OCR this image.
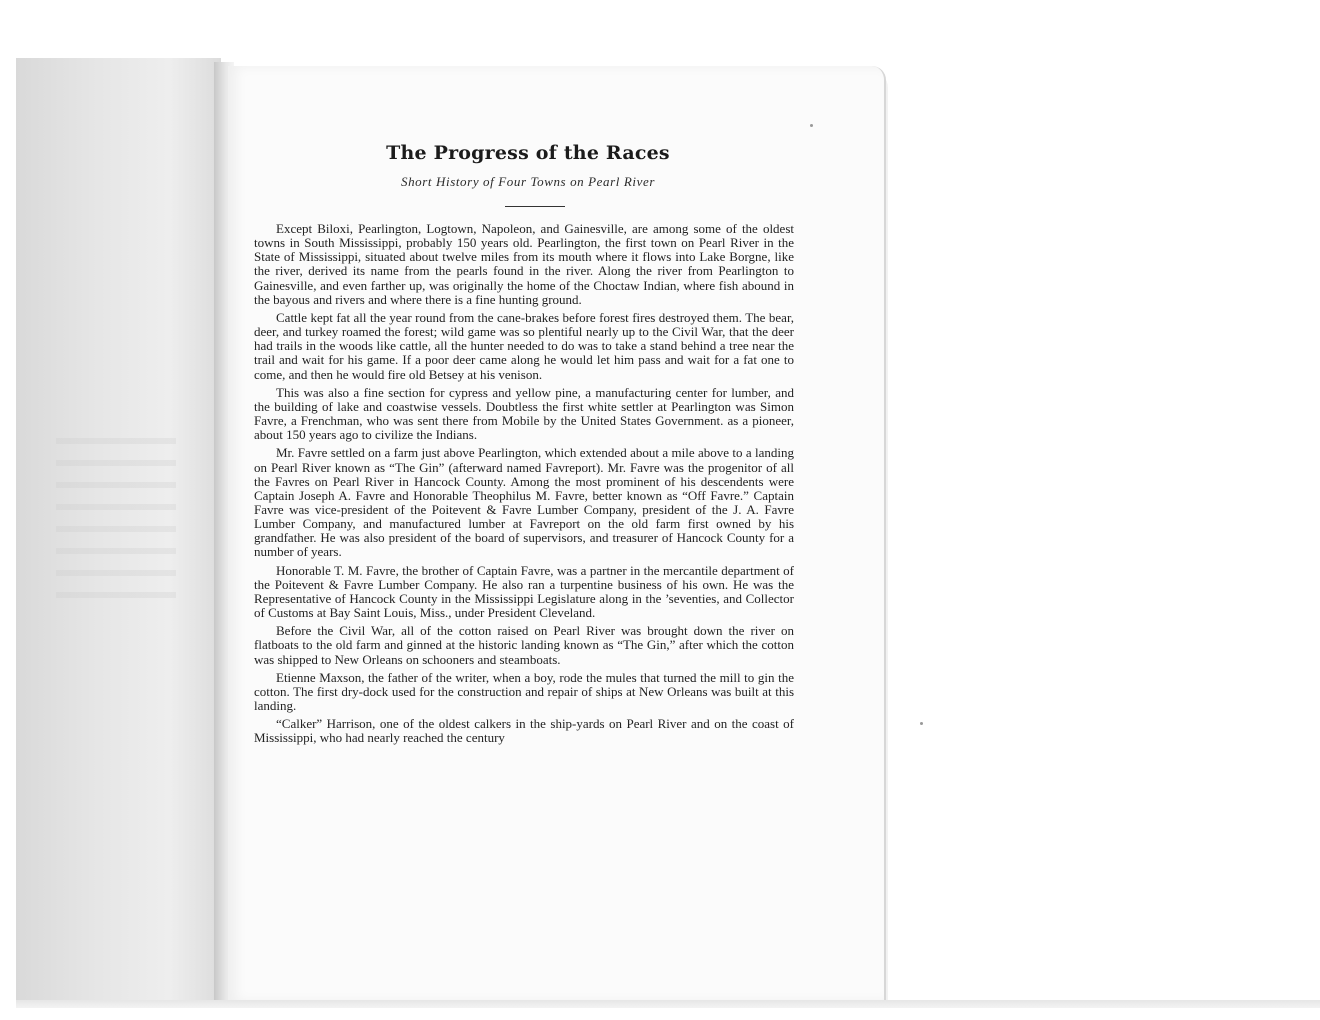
The Progress of the Races

Short History of Four Towns on Pearl River

Except Biloxi, Pearlington, Logtown, Napoleon, and Gainesville, are among some of the oldest towns in South Mississippi, probably 150 years old. Pearlington, the first town on Pearl River in the State of Mississippi, situated about twelve miles from its mouth where it flows into Lake Borgne, like the river, derived its name from the pearls found in the river. Along the river from Pearlington to Gainesville, and even farther up, was originally the home of the Choctaw Indian, where fish abound in the bayous and rivers and where there is a fine hunting ground.

Cattle kept fat all the year round from the cane-brakes before forest fires destroyed them. The bear, deer, and turkey roamed the forest; wild game was so plentiful nearly up to the Civil War, that the deer had trails in the woods like cattle, all the hunter needed to do was to take a stand behind a tree near the trail and wait for his game. If a poor deer came along he would let him pass and wait for a fat one to come, and then he would fire old Betsey at his venison.

This was also a fine section for cypress and yellow pine, a manufacturing center for lumber, and the building of lake and coastwise vessels. Doubtless the first white settler at Pearlington was Simon Favre, a Frenchman, who was sent there from Mobile by the United States Government. as a pioneer, about 150 years ago to civilize the Indians.

Mr. Favre settled on a farm just above Pearlington, which extended about a mile above to a landing on Pearl River known as “The Gin” (afterward named Favreport). Mr. Favre was the progenitor of all the Favres on Pearl River in Hancock County. Among the most prominent of his descendents were Captain Joseph A. Favre and Honorable Theophilus M. Favre, better known as “Off Favre.” Captain Favre was vice-president of the Poitevent & Favre Lumber Company, president of the J. A. Favre Lumber Company, and manufactured lumber at Favreport on the old farm first owned by his grandfather. He was also president of the board of supervisors, and treasurer of Hancock County for a number of years.

Honorable T. M. Favre, the brother of Captain Favre, was a partner in the mercantile department of the Poitevent & Favre Lumber Company. He also ran a turpentine business of his own. He was the Representative of Hancock County in the Mississippi Legislature along in the ’seventies, and Collector of Customs at Bay Saint Louis, Miss., under President Cleveland.

Before the Civil War, all of the cotton raised on Pearl River was brought down the river on flatboats to the old farm and ginned at the historic landing known as “The Gin,” after which the cotton was shipped to New Orleans on schooners and steamboats.

Etienne Maxson, the father of the writer, when a boy, rode the mules that turned the mill to gin the cotton. The first dry-dock used for the construction and repair of ships at New Orleans was built at this landing.

“Calker” Harrison, one of the oldest calkers in the ship-yards on Pearl River and on the coast of Mississippi, who had nearly reached the century
